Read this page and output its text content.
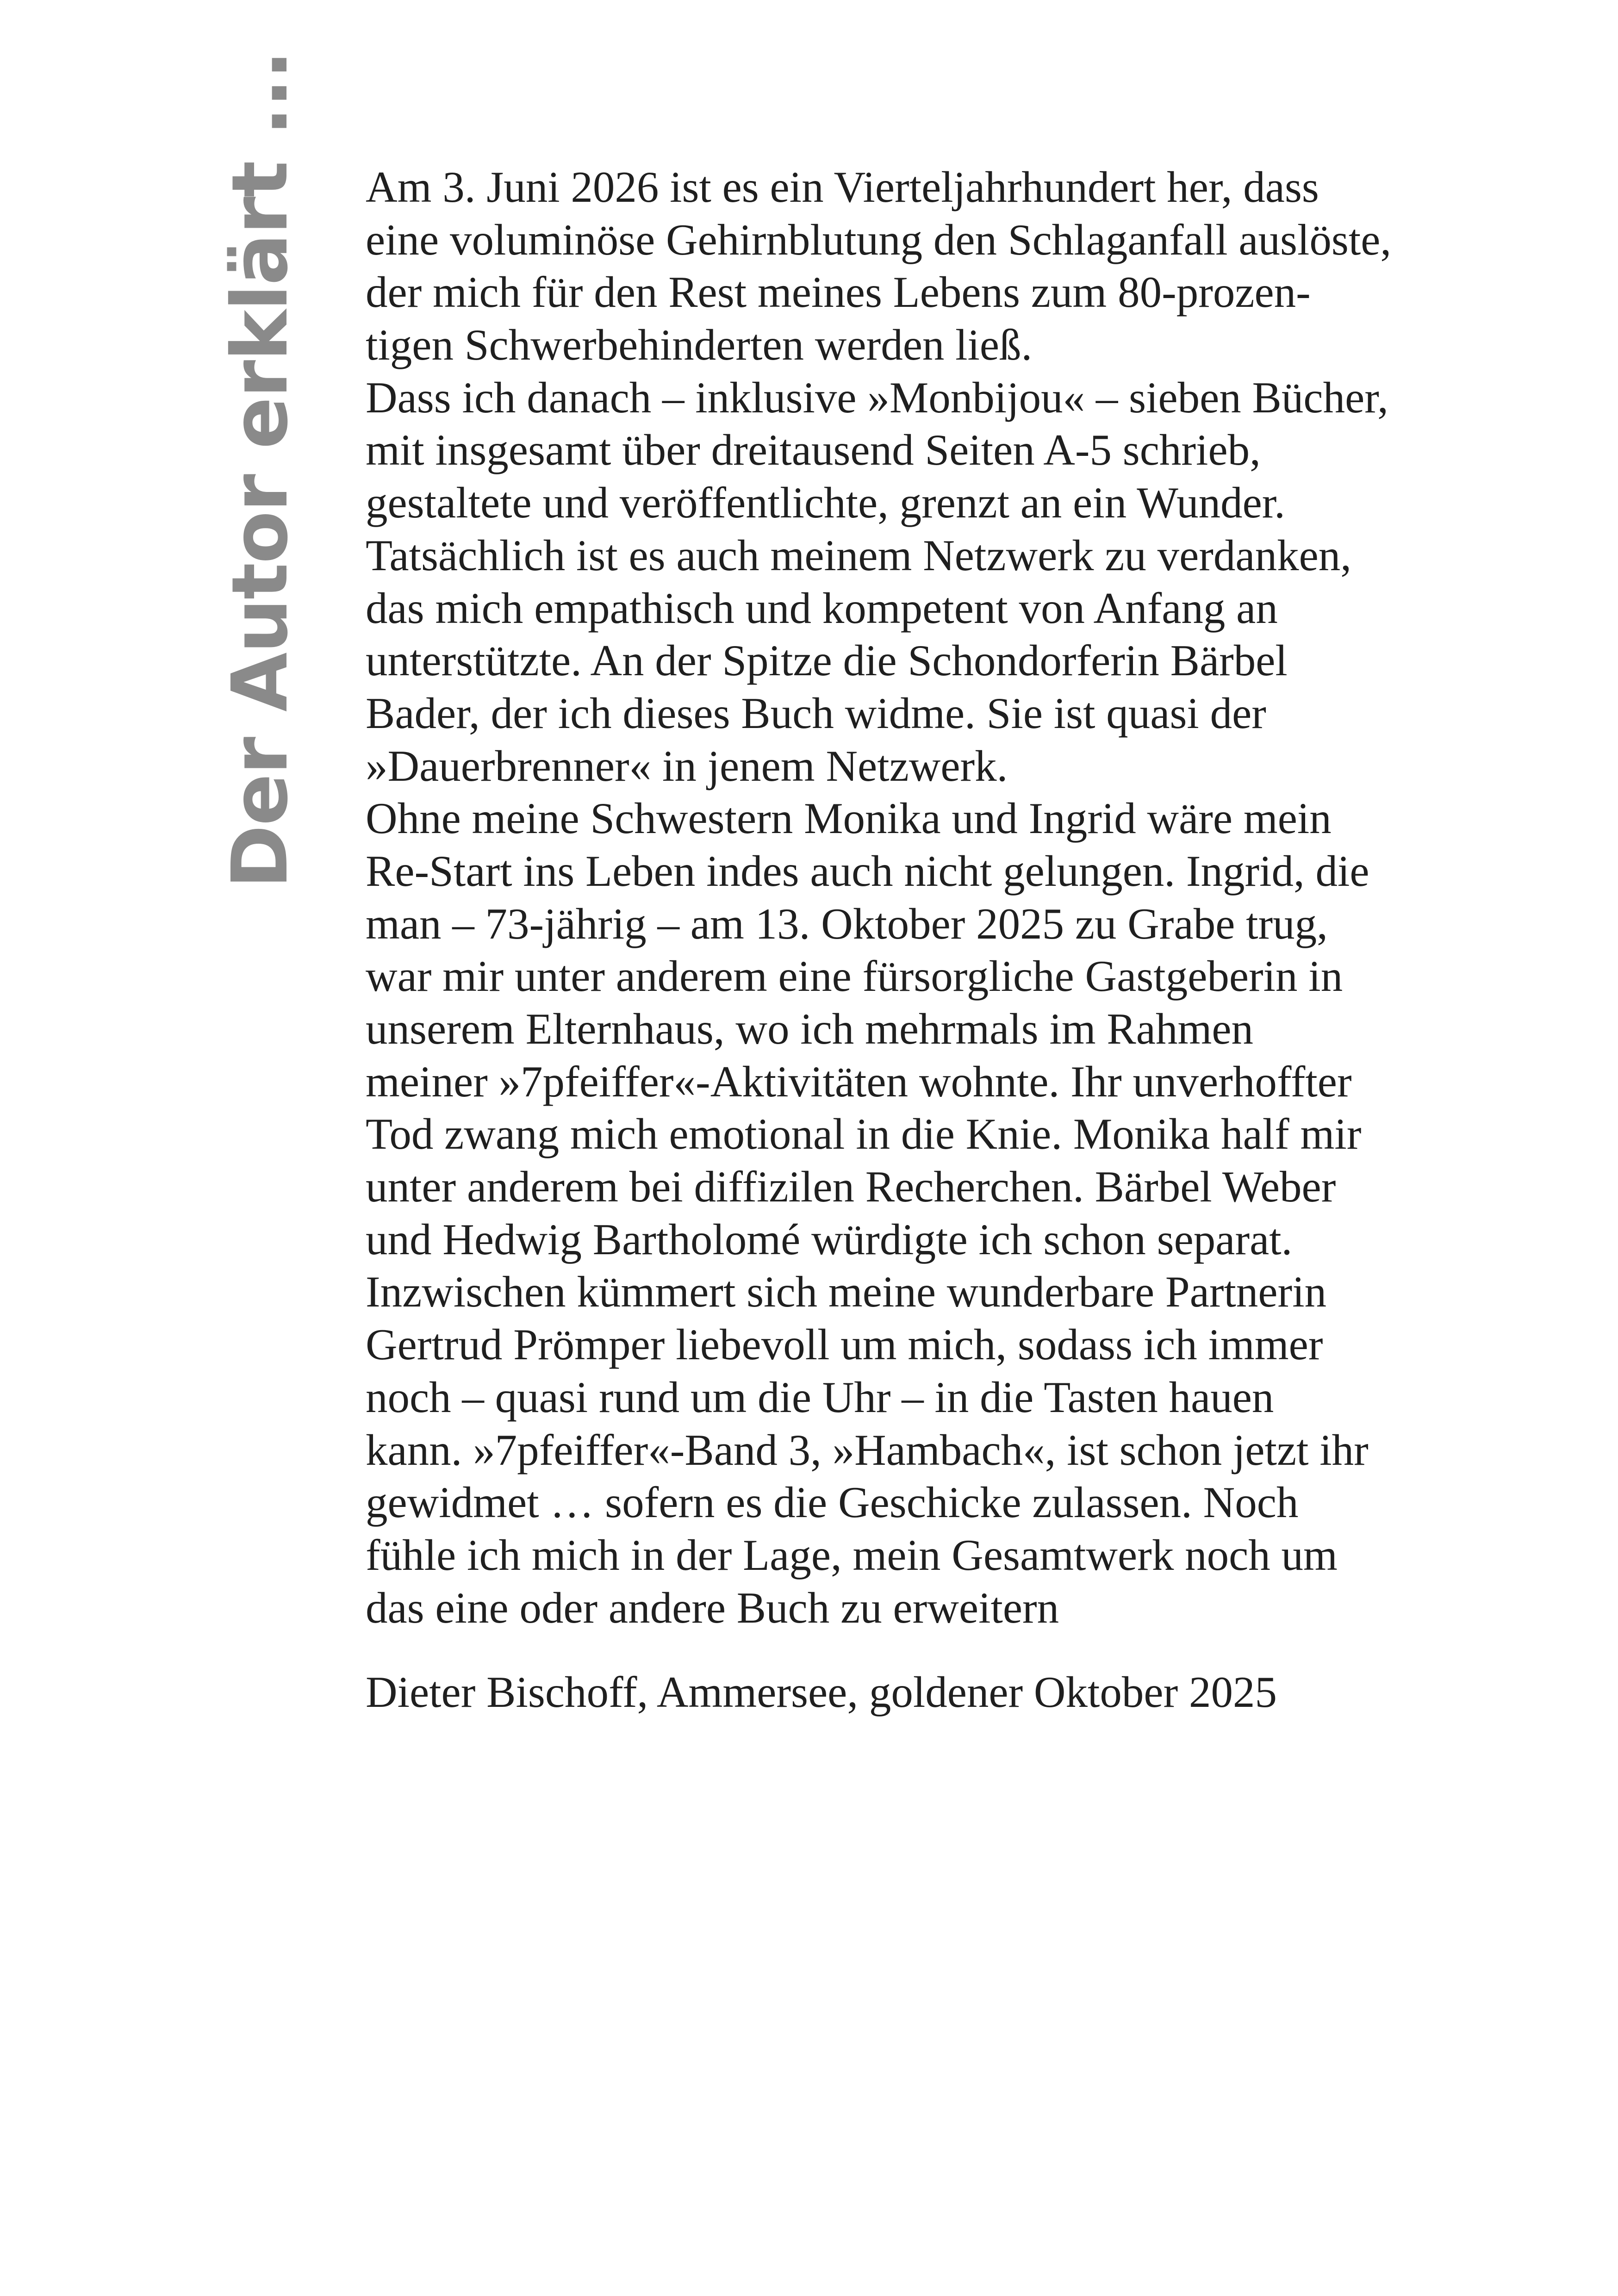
Der Autor erklärt ... Am 3. Juni 2026 ist es ein Vierteljahrhundert her, dass
eine voluminöse Gehirnblutung den Schlaganfall auslöste,
der mich für den Rest meines Lebens zum 80-prozen-
tigen Schwerbehinderten werden ließ.
Dass ich danach – inklusive »Monbijou« – sieben Bücher,
mit insgesamt über dreitausend Seiten A-5 schrieb,
gestaltete und veröffentlichte, grenzt an ein Wunder.
Tatsächlich ist es auch meinem Netzwerk zu verdanken,
das mich empathisch und kompetent von Anfang an
unterstützte. An der Spitze die Schondorferin Bärbel
Bader, der ich dieses Buch widme. Sie ist quasi der
»Dauerbrenner« in jenem Netzwerk.
Ohne meine Schwestern Monika und Ingrid wäre mein
Re-Start ins Leben indes auch nicht gelungen. Ingrid, die
man – 73-jährig – am 13. Oktober 2025 zu Grabe trug,
war mir unter anderem eine fürsorgliche Gastgeberin in
unserem Elternhaus, wo ich mehrmals im Rahmen
meiner »7pfeiffer«-Aktivitäten wohnte. Ihr unverhoffter
Tod zwang mich emotional in die Knie. Monika half mir
unter anderem bei diffizilen Recherchen. Bärbel Weber
und Hedwig Bartholomé würdigte ich schon separat.
Inzwischen kümmert sich meine wunderbare Partnerin
Gertrud Prömper liebevoll um mich, sodass ich immer
noch – quasi rund um die Uhr – in die Tasten hauen
kann. »7pfeiffer«-Band 3, »Hambach«, ist schon jetzt ihr
gewidmet … sofern es die Geschicke zulassen. Noch
fühle ich mich in der Lage, mein Gesamtwerk noch um
das eine oder andere Buch zu erweitern
Dieter Bischoff, Ammersee, goldener Oktober 2025
